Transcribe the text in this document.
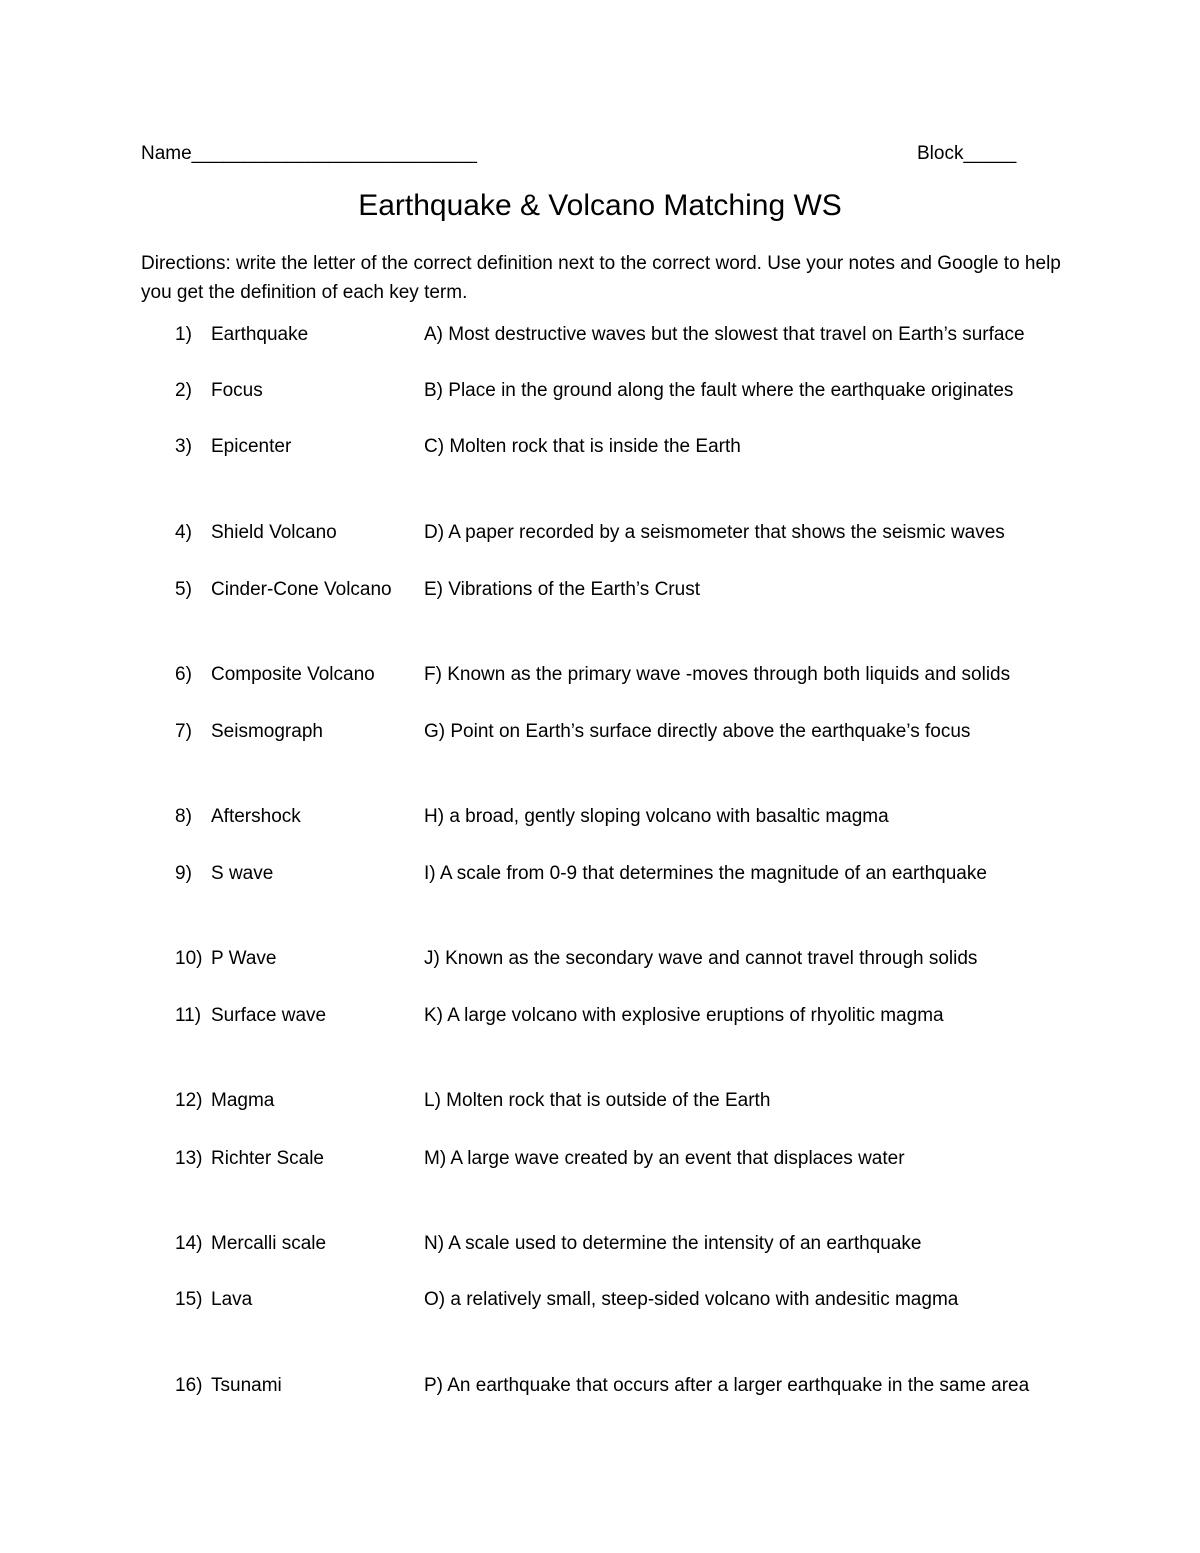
Name___________________________	Block_____
Earthquake & Volcano Matching WS
Directions: write the letter of the correct definition next to the correct word. Use your notes and Google to help you get the definition of each key term.
1) Earthquake	A) Most destructive waves but the slowest that travel on Earth’s surface
2) Focus	B) Place in the ground along the fault where the earthquake originates
3) Epicenter	C) Molten rock that is inside the Earth
4) Shield Volcano	D) A paper recorded by a seismometer that shows the seismic waves
5) Cinder-Cone Volcano E) Vibrations of the Earth’s Crust
6) Composite Volcano	F) Known as the primary wave -moves through both liquids and solids
7) Seismograph	G) Point on Earth’s surface directly above the earthquake’s focus
8) Aftershock	H) a broad, gently sloping volcano with basaltic magma
9) S wave	I) A scale from 0-9 that determines the magnitude of an earthquake
10) P Wave	J) Known as the secondary wave and cannot travel through solids
11) Surface wave	K) A large volcano with explosive eruptions of rhyolitic magma
12) Magma	L) Molten rock that is outside of the Earth
13) Richter Scale	M) A large wave created by an event that displaces water
14) Mercalli scale	N) A scale used to determine the intensity of an earthquake
15) Lava	O) a relatively small, steep-sided volcano with andesitic magma
16) Tsunami	P) An earthquake that occurs after a larger earthquake in the same area
